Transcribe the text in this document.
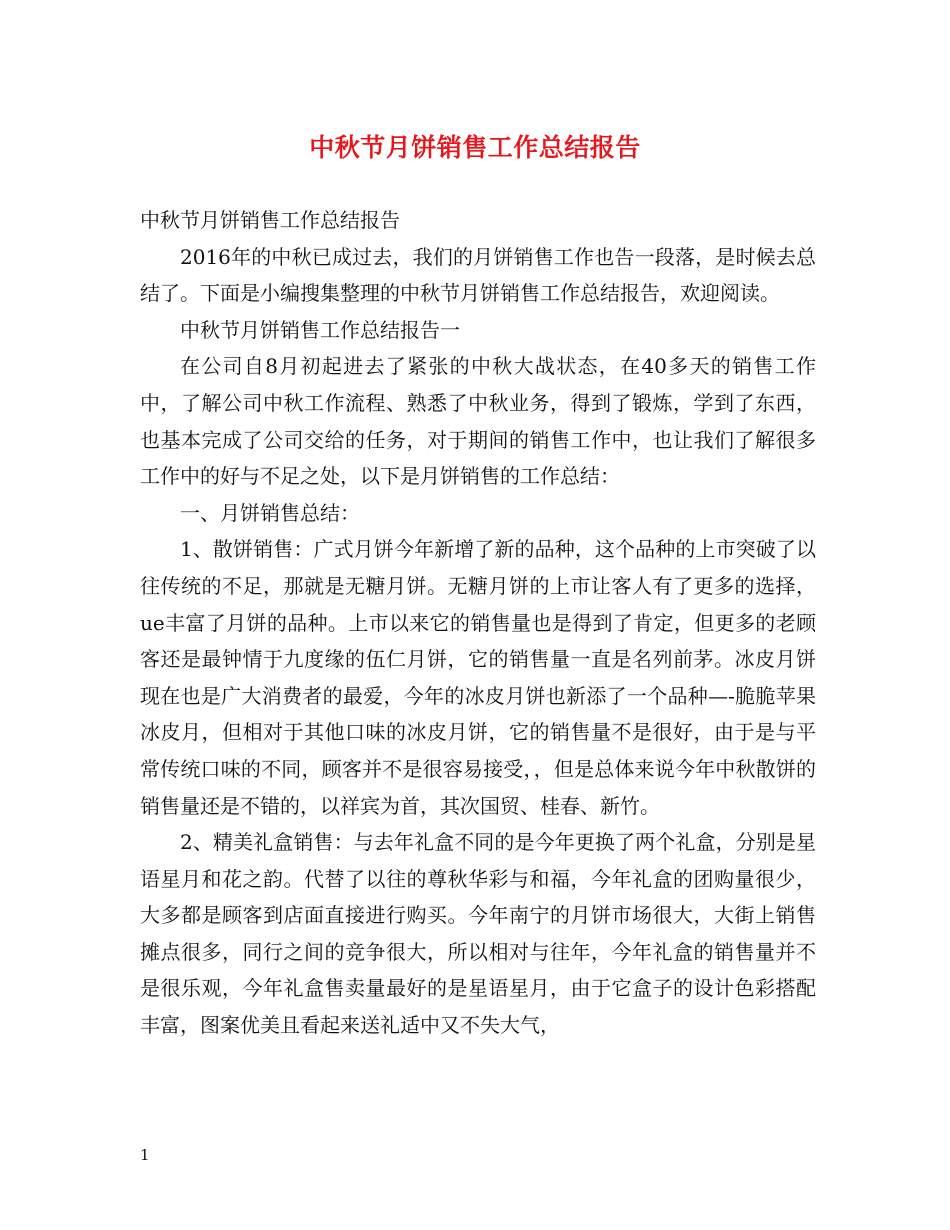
中秋节月饼销售工作总结报告

中秋节月饼销售工作总结报告

2016年的中秋已成过去，我们的月饼销售工作也告一段落，是时候去总结了。下面是小编搜集整理的中秋节月饼销售工作总结报告，欢迎阅读。

中秋节月饼销售工作总结报告一

在公司自8月初起进去了紧张的中秋大战状态，在40多天的销售工作中，了解公司中秋工作流程、熟悉了中秋业务，得到了锻炼，学到了东西，也基本完成了公司交给的任务，对于期间的销售工作中，也让我们了解很多工作中的好与不足之处，以下是月饼销售的工作总结：

一、月饼销售总结：

1、散饼销售：广式月饼今年新增了新的品种，这个品种的上市突破了以往传统的不足，那就是无糖月饼。无糖月饼的上市让客人有了更多的选择，ue丰富了月饼的品种。上市以来它的销售量也是得到了肯定，但更多的老顾客还是最钟情于九度缘的伍仁月饼，它的销售量一直是名列前茅。冰皮月饼现在也是广大消费者的最爱，今年的冰皮月饼也新添了一个品种—-脆脆苹果冰皮月，但相对于其他口味的冰皮月饼，它的销售量不是很好，由于是与平常传统口味的不同，顾客并不是很容易接受，，但是总体来说今年中秋散饼的销售量还是不错的，以祥宾为首，其次国贸、桂春、新竹。

2、精美礼盒销售：与去年礼盒不同的是今年更换了两个礼盒，分别是星语星月和花之韵。代替了以往的尊秋华彩与和福，今年礼盒的团购量很少，大多都是顾客到店面直接进行购买。今年南宁的月饼市场很大，大街上销售摊点很多，同行之间的竞争很大，所以相对与往年，今年礼盒的销售量并不是很乐观，今年礼盒售卖量最好的是星语星月，由于它盒子的设计色彩搭配丰富，图案优美且看起来送礼适中又不失大气，

1
